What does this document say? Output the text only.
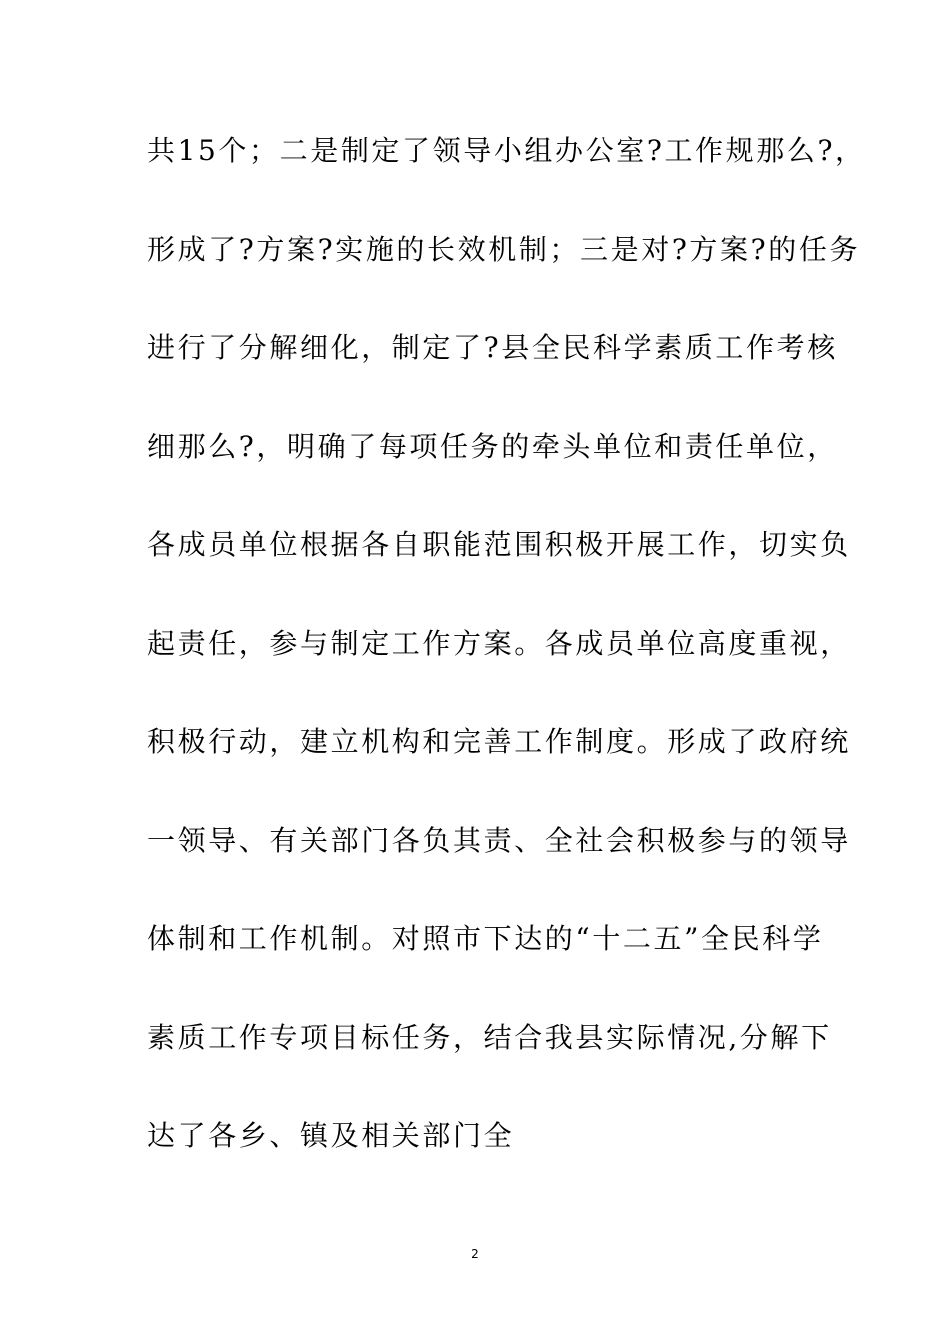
共15个；二是制定了领导小组办公室?工作规那么?，
形成了?方案?实施的长效机制；三是对?方案?的任务
进行了分解细化，制定了?县全民科学素质工作考核
细那么?，明确了每项任务的牵头单位和责任单位，
各成员单位根据各自职能范围积极开展工作，切实负
起责任，参与制定工作方案。各成员单位高度重视，
积极行动，建立机构和完善工作制度。形成了政府统
一领导、有关部门各负其责、全社会积极参与的领导
体制和工作机制。对照市下达的“十二五”全民科学
素质工作专项目标任务，结合我县实际情况,分解下
达了各乡、镇及相关部门全
2
